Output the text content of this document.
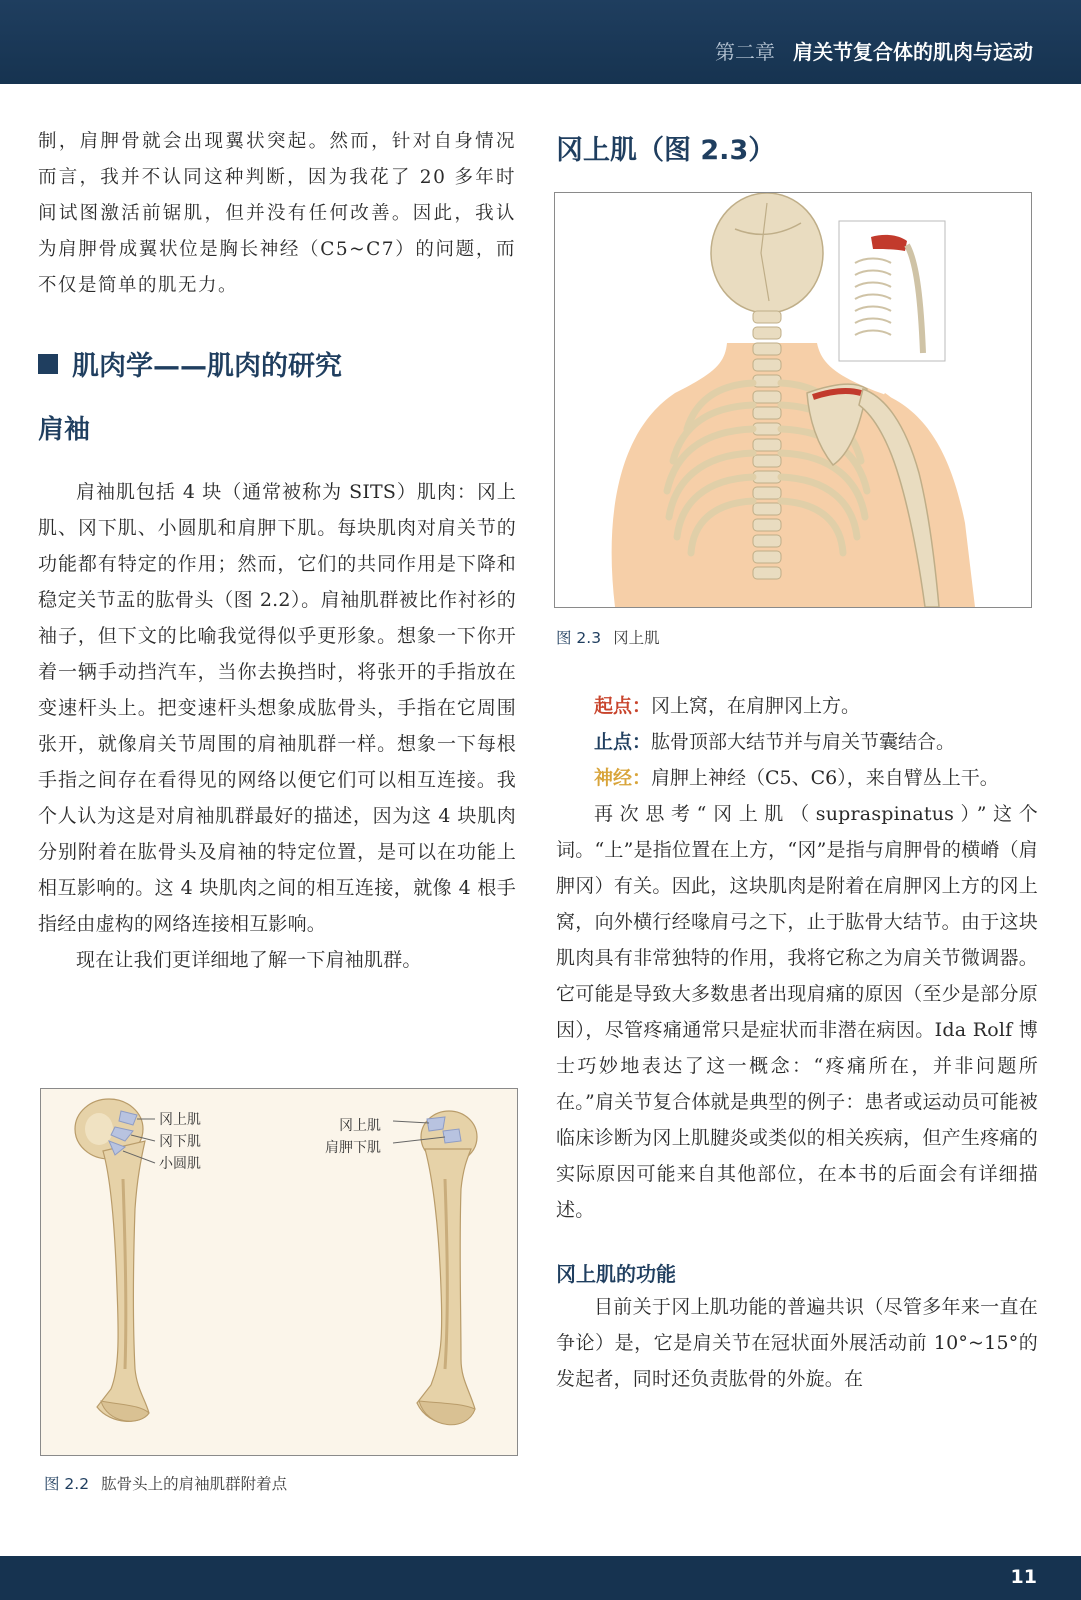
第二章 肩关节复合体的肌肉与运动

制，肩胛骨就会出现翼状突起。然而，针对自身情况而言，我并不认同这种判断，因为我花了 20 多年时间试图激活前锯肌，但并没有任何改善。因此，我认为肩胛骨成翼状位是胸长神经（C5~C7）的问题，而不仅是简单的肌无力。

肌肉学——肌肉的研究
肩袖

肩袖肌包括 4 块（通常被称为 SITS）肌肉：冈上肌、冈下肌、小圆肌和肩胛下肌。每块肌肉对肩关节的功能都有特定的作用；然而，它们的共同作用是下降和稳定关节盂的肱骨头（图 2.2）。肩袖肌群被比作衬衫的袖子，但下文的比喻我觉得似乎更形象。想象一下你开着一辆手动挡汽车，当你去换挡时，将张开的手指放在变速杆头上。把变速杆头想象成肱骨头，手指在它周围张开，就像肩关节周围的肩袖肌群一样。想象一下每根手指之间存在看得见的网络以便它们可以相互连接。我个人认为这是对肩袖肌群最好的描述，因为这 4 块肌肉分别附着在肱骨头及肩袖的特定位置，是可以在功能上相互影响的。这 4 块肌肉之间的相互连接，就像 4 根手指经由虚构的网络连接相互影响。

现在让我们更详细地了解一下肩袖肌群。

冈上肌
冈下肌
小圆肌
冈上肌
肩胛下肌
图 2.2 肱骨头上的肩袖肌群附着点
冈上肌（图 2.3）
图 2.3 冈上肌

起点：冈上窝，在肩胛冈上方。

止点：肱骨顶部大结节并与肩关节囊结合。

神经：肩胛上神经（C5、C6），来自臂丛上干。

再次思考“冈上肌（supraspinatus）”这个词。“上”是指位置在上方，“冈”是指与肩胛骨的横嵴（肩胛冈）有关。因此，这块肌肉是附着在肩胛冈上方的冈上窝，向外横行经喙肩弓之下，止于肱骨大结节。由于这块肌肉具有非常独特的作用，我将它称之为肩关节微调器。它可能是导致大多数患者出现肩痛的原因（至少是部分原因），尽管疼痛通常只是症状而非潜在病因。Ida Rolf 博士巧妙地表达了这一概念：“疼痛所在，并非问题所在。”肩关节复合体就是典型的例子：患者或运动员可能被临床诊断为冈上肌腱炎或类似的相关疾病，但产生疼痛的实际原因可能来自其他部位，在本书的后面会有详细描述。

冈上肌的功能

目前关于冈上肌功能的普遍共识（尽管多年来一直在争论）是，它是肩关节在冠状面外展活动前 10°~15°的发起者，同时还负责肱骨的外旋。在

11
